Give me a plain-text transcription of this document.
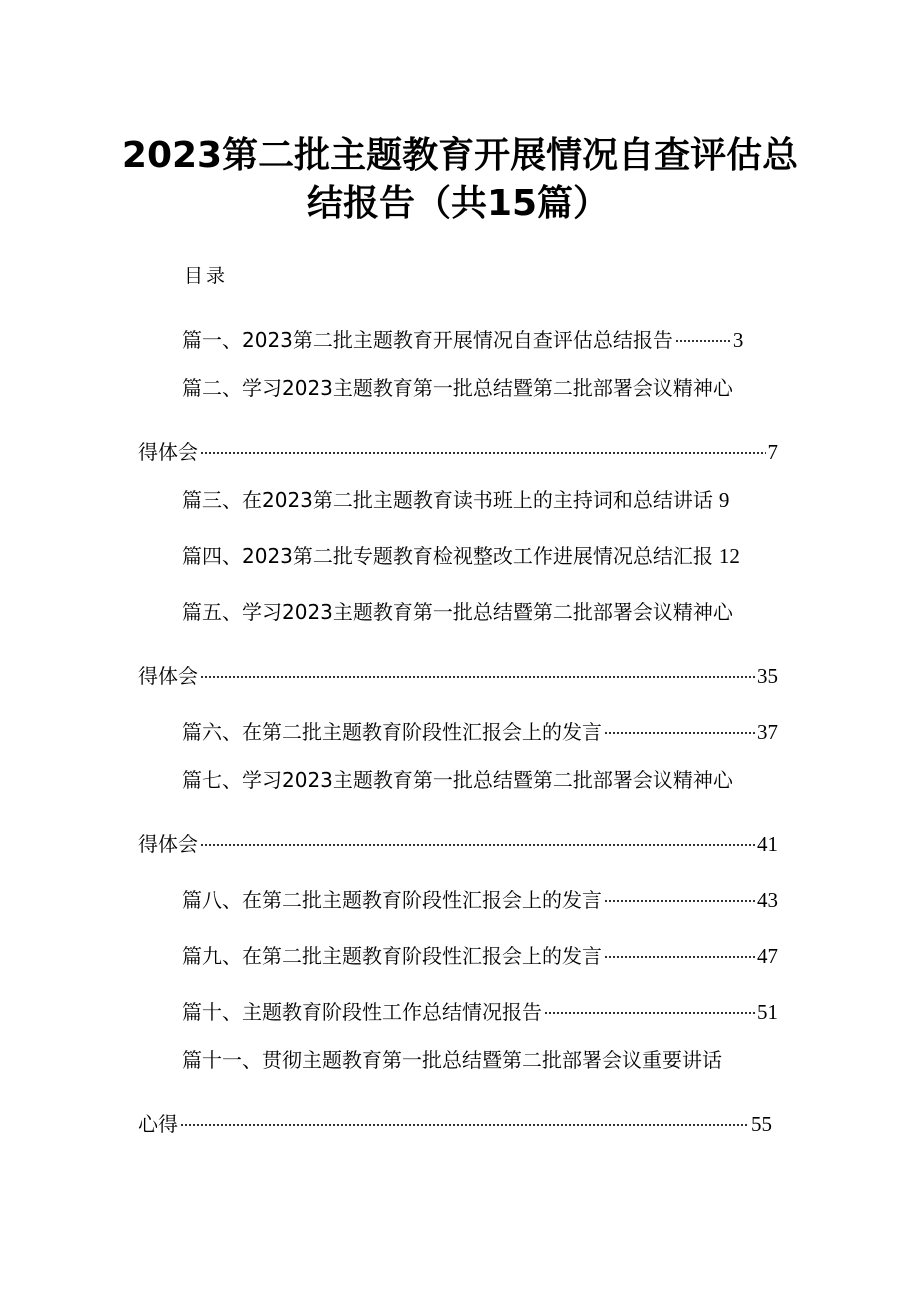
2023第二批主题教育开展情况自查评估总
结报告（共15篇）
目录
篇一、2023第二批主题教育开展情况自查评估总结报告	3
篇二、学习2023主题教育第一批总结暨第二批部署会议精神心
得体会	7
篇三、在2023第二批主题教育读书班上的主持词和总结讲话 9
篇四、2023第二批专题教育检视整改工作进展情况总结汇报 12
篇五、学习2023主题教育第一批总结暨第二批部署会议精神心
得体会	35
篇六、在第二批主题教育阶段性汇报会上的发言	37
篇七、学习2023主题教育第一批总结暨第二批部署会议精神心
得体会	41
篇八、在第二批主题教育阶段性汇报会上的发言	43
篇九、在第二批主题教育阶段性汇报会上的发言	47
篇十、主题教育阶段性工作总结情况报告	51
篇十一、贯彻主题教育第一批总结暨第二批部署会议重要讲话
心得	55
